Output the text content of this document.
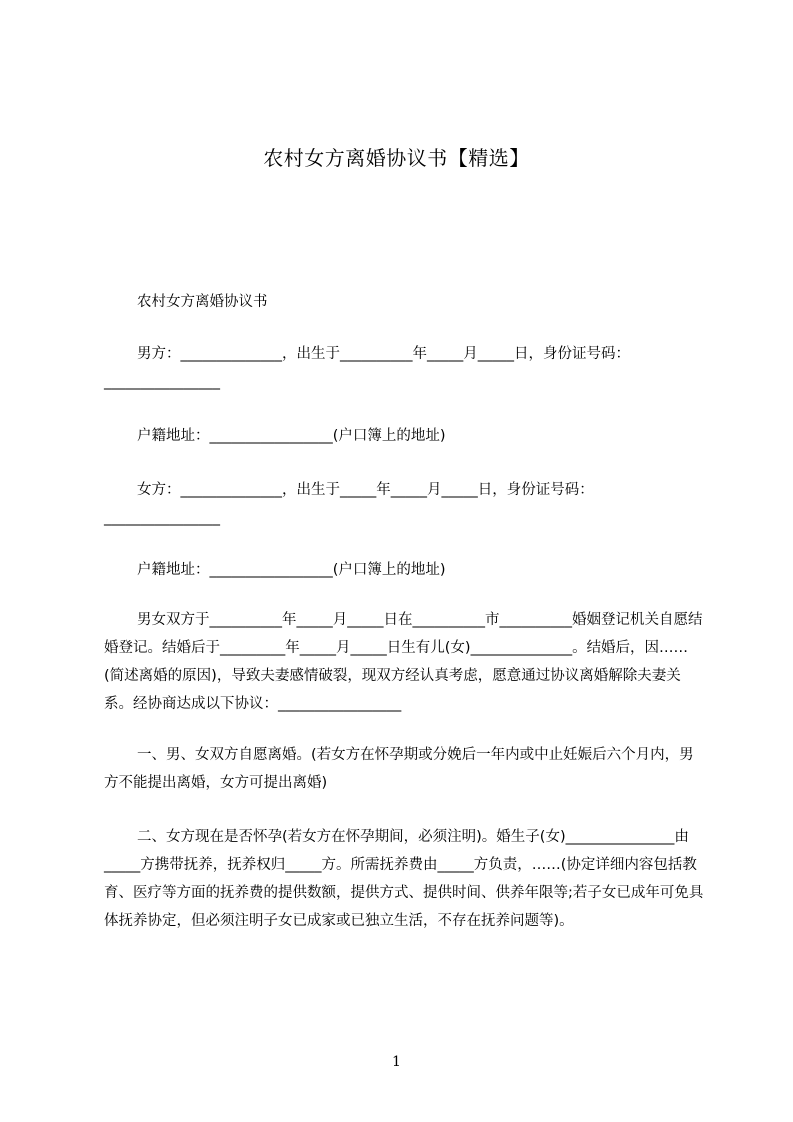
农村女方离婚协议书【精选】

农村女方离婚协议书

男方：______________，出生于__________年_____月_____日，身份证号码：________________

户籍地址：_________________(户口簿上的地址)

女方：______________，出生于_____年_____月_____日，身份证号码：________________

户籍地址：_________________(户口簿上的地址)

男女双方于__________年_____月_____日在__________市__________婚姻登记机关自愿结婚登记。结婚后于_________年_____月_____日生有儿(女)______________。结婚后，因……(简述离婚的原因)，导致夫妻感情破裂，现双方经认真考虑，愿意通过协议离婚解除夫妻关系。经协商达成以下协议：_________________

一、男、女双方自愿离婚。(若女方在怀孕期或分娩后一年内或中止妊娠后六个月内，男方不能提出离婚，女方可提出离婚)

二、女方现在是否怀孕(若女方在怀孕期间，必须注明)。婚生子(女)_______________由_____方携带抚养，抚养权归_____方。所需抚养费由_____方负责，……(协定详细内容包括教育、医疗等方面的抚养费的提供数额，提供方式、提供时间、供养年限等;若子女已成年可免具体抚养协定，但必须注明子女已成家或已独立生活，不存在抚养问题等)。

1
